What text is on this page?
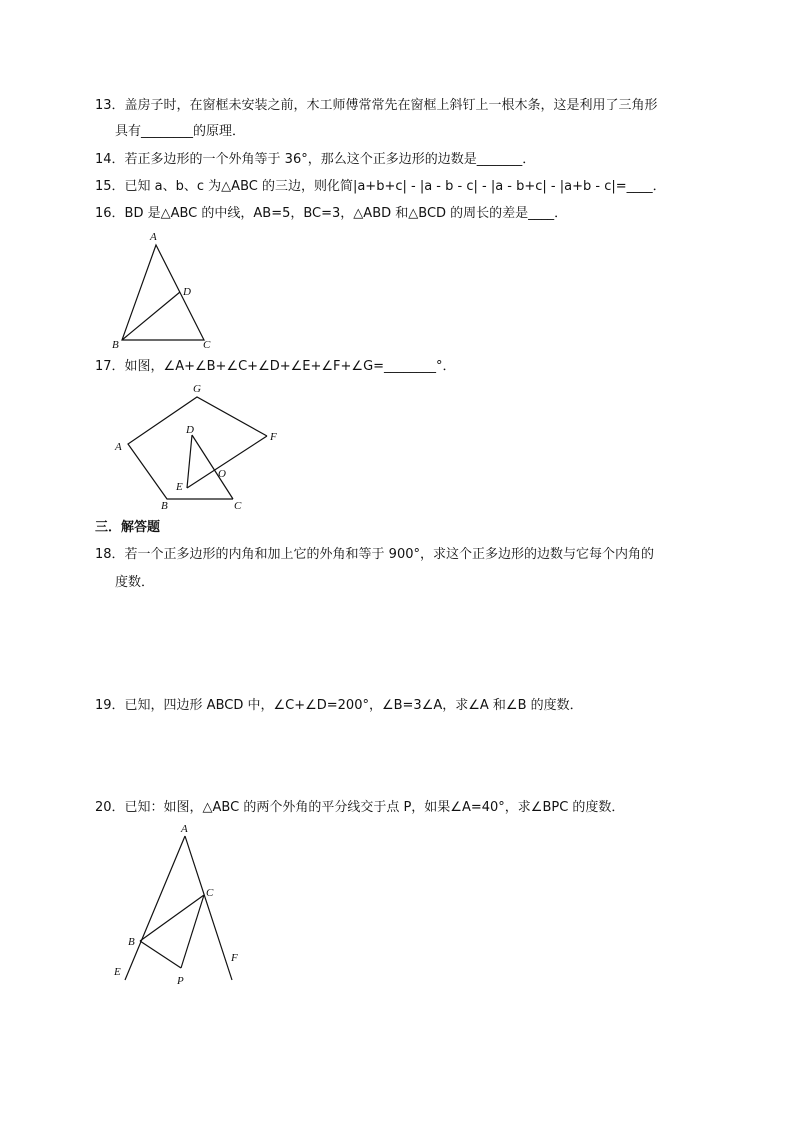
13．盖房子时，在窗框未安装之前，木工师傅常常先在窗框上斜钉上一根木条，这是利用了三角形
具有________的原理．
14．若正多边形的一个外角等于 36°，那么这个正多边形的边数是_______．
15．已知 a、b、c 为△ABC 的三边，则化简|a+b+c| - |a - b - c| - |a - b+c| - |a+b - c|=____．
16．BD 是△ABC 的中线，AB=5，BC=3，△ABD 和△BCD 的周长的差是____．
A
D
B	C
17．如图，∠A+∠B+∠C+∠D+∠E+∠F+∠G=________°．
G
F
A
D
O
E
B	C
三．解答题
18．若一个正多边形的内角和加上它的外角和等于 900°，求这个正多边形的边数与它每个内角的
度数．
19．已知，四边形 ABCD 中，∠C+∠D=200°，∠B=3∠A，求∠A 和∠B 的度数．
20．已知：如图，△ABC 的两个外角的平分线交于点 P，如果∠A=40°，求∠BPC 的度数．
A
C
B
E
F
P
